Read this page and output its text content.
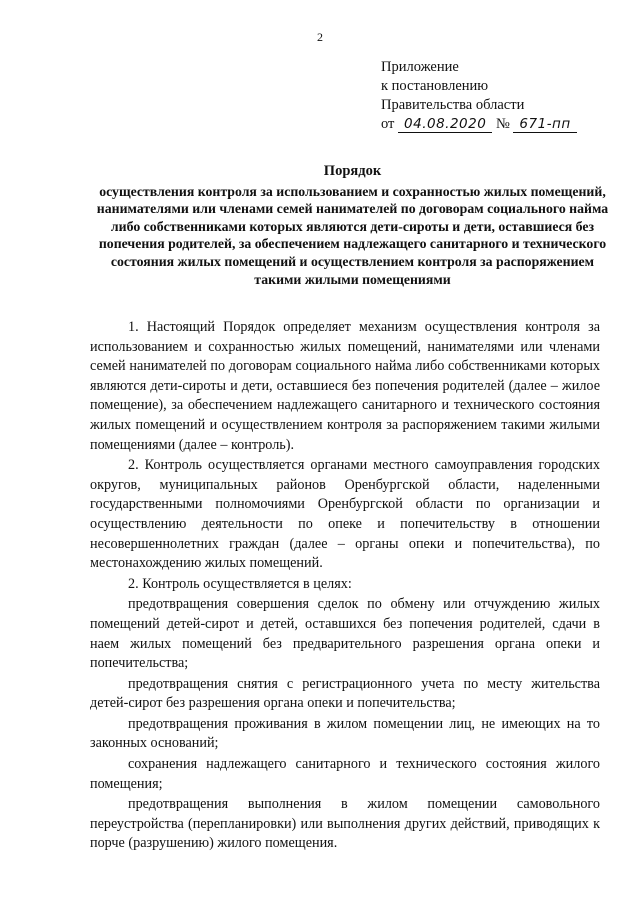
2
Приложение
к постановлению
Правительства области
от 04.08.2020 № 671-пп
Порядок
осуществления контроля за использованием и сохранностью жилых помещений, нанимателями или членами семей нанимателей по договорам социального найма либо собственниками которых являются дети-сироты и дети, оставшиеся без попечения родителей, за обеспечением надлежащего санитарного и технического состояния жилых помещений и осуществлением контроля за распоряжением такими жилыми помещениями

1. Настоящий Порядок определяет механизм осуществления контроля за использованием и сохранностью жилых помещений, нанимателями или членами семей нанимателей по договорам социального найма либо собственниками которых являются дети-сироты и дети, оставшиеся без попечения родителей (далее – жилое помещение), за обеспечением надлежащего санитарного и технического состояния жилых помещений и осуществлением контроля за распоряжением такими жилыми помещениями (далее – контроль).

2. Контроль осуществляется органами местного самоуправления городских округов, муниципальных районов Оренбургской области, наделенными государственными полномочиями Оренбургской области по организации и осуществлению деятельности по опеке и попечительству в отношении несовершеннолетних граждан (далее – органы опеки и попечительства), по местонахождению жилых помещений.

2. Контроль осуществляется в целях:

предотвращения совершения сделок по обмену или отчуждению жилых помещений детей-сирот и детей, оставшихся без попечения родителей, сдачи в наем жилых помещений без предварительного разрешения органа опеки и попечительства;

предотвращения снятия с регистрационного учета по месту жительства детей-сирот без разрешения органа опеки и попечительства;

предотвращения проживания в жилом помещении лиц, не имеющих на то законных оснований;

сохранения надлежащего санитарного и технического состояния жилого помещения;

предотвращения выполнения в жилом помещении самовольного переустройства (перепланировки) или выполнения других действий, приводящих к порче (разрушению) жилого помещения.
